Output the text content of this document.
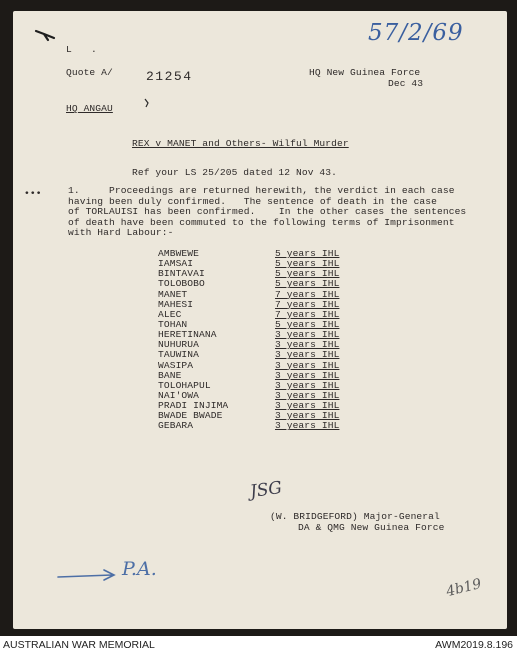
57/2/69
L .
Quote A/	21254	HQ New Guinea Force
Dec 43
HQ ANGAU
REX v MANET and Others- Wilful Murder
Ref your LS 25/205 dated 12 Nov 43.
•••	1.     Proceedings are returned herewith, the verdict in each case
having been duly confirmed.   The sentence of death in the case
of TORLAUISI has been confirmed.    In the other cases the sentences
of death have been commuted to the following terms of Imprisonment
with Hard Labour:-
AMBWEWE	5 years IHL
IAMSAI	5 years IHL
BINTAVAI	5 years IHL
TOLOBOBO	5 years IHL
MANET	7 years IHL
MAHESI	7 years IHL
ALEC	7 years IHL
TOHAN	5 years IHL
HERETINANA	3 years IHL
NUHURUA	3 years IHL
TAUWINA	3 years IHL
WASIPA	3 years IHL
BANE	3 years IHL
TOLOHAPUL	3 years IHL
NAI'OWA	3 years IHL
PRADI INJIMA	3 years IHL
BWADE BWADE	3 years IHL
GEBARA	3 years IHL
JSG
(W. BRIDGEFORD) Major-General
DA & QMG New Guinea Force
P.A.
4b19
AUSTRALIAN WAR MEMORIAL	AWM2019.8.196
